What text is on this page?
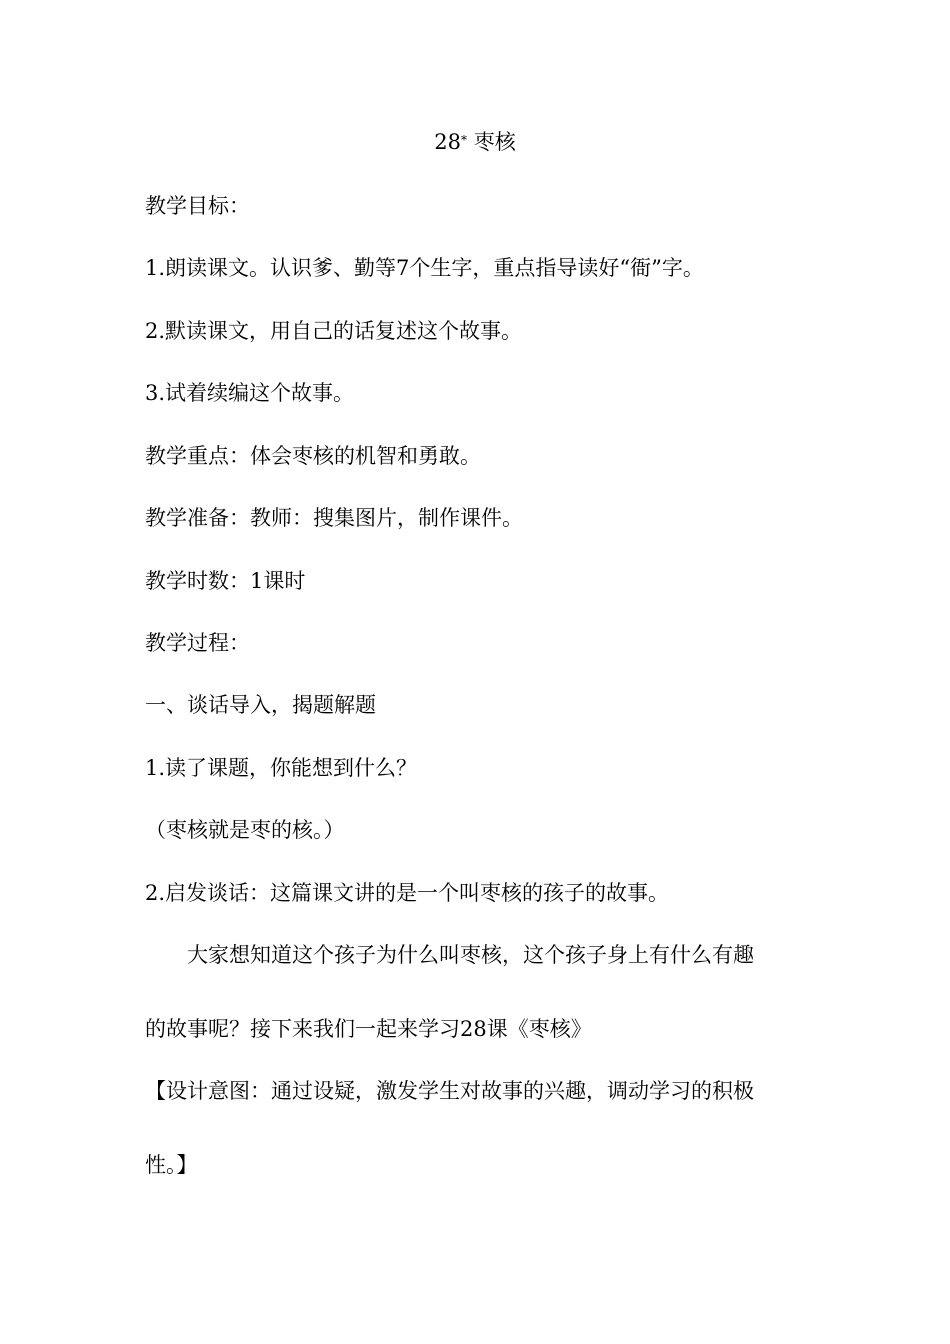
28* 枣核
教学目标：
1.朗读课文。认识爹、勤等7个生字，重点指导读好“衙”字。
2.默读课文，用自己的话复述这个故事。
3.试着续编这个故事。
教学重点：体会枣核的机智和勇敢。
教学准备：教师：搜集图片，制作课件。
教学时数：1课时
教学过程：
一、谈话导入，揭题解题
1.读了课题，你能想到什么？
（枣核就是枣的核。）
2.启发谈话：这篇课文讲的是一个叫枣核的孩子的故事。
　　大家想知道这个孩子为什么叫枣核，这个孩子身上有什么有趣
的故事呢？接下来我们一起来学习28课《枣核》
【设计意图：通过设疑，激发学生对故事的兴趣，调动学习的积极
性。】
